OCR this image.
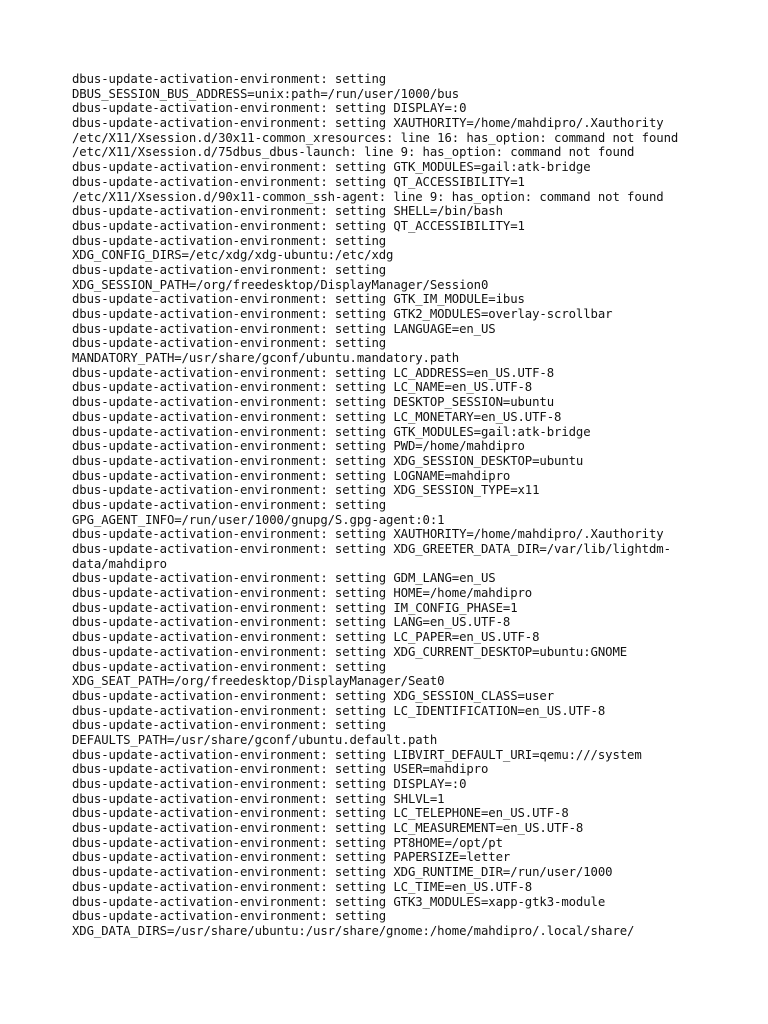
dbus-update-activation-environment: setting
DBUS_SESSION_BUS_ADDRESS=unix:path=/run/user/1000/bus
dbus-update-activation-environment: setting DISPLAY=:0
dbus-update-activation-environment: setting XAUTHORITY=/home/mahdipro/.Xauthority
/etc/X11/Xsession.d/30x11-common_xresources: line 16: has_option: command not found
/etc/X11/Xsession.d/75dbus_dbus-launch: line 9: has_option: command not found
dbus-update-activation-environment: setting GTK_MODULES=gail:atk-bridge
dbus-update-activation-environment: setting QT_ACCESSIBILITY=1
/etc/X11/Xsession.d/90x11-common_ssh-agent: line 9: has_option: command not found
dbus-update-activation-environment: setting SHELL=/bin/bash
dbus-update-activation-environment: setting QT_ACCESSIBILITY=1
dbus-update-activation-environment: setting
XDG_CONFIG_DIRS=/etc/xdg/xdg-ubuntu:/etc/xdg
dbus-update-activation-environment: setting
XDG_SESSION_PATH=/org/freedesktop/DisplayManager/Session0
dbus-update-activation-environment: setting GTK_IM_MODULE=ibus
dbus-update-activation-environment: setting GTK2_MODULES=overlay-scrollbar
dbus-update-activation-environment: setting LANGUAGE=en_US
dbus-update-activation-environment: setting
MANDATORY_PATH=/usr/share/gconf/ubuntu.mandatory.path
dbus-update-activation-environment: setting LC_ADDRESS=en_US.UTF-8
dbus-update-activation-environment: setting LC_NAME=en_US.UTF-8
dbus-update-activation-environment: setting DESKTOP_SESSION=ubuntu
dbus-update-activation-environment: setting LC_MONETARY=en_US.UTF-8
dbus-update-activation-environment: setting GTK_MODULES=gail:atk-bridge
dbus-update-activation-environment: setting PWD=/home/mahdipro
dbus-update-activation-environment: setting XDG_SESSION_DESKTOP=ubuntu
dbus-update-activation-environment: setting LOGNAME=mahdipro
dbus-update-activation-environment: setting XDG_SESSION_TYPE=x11
dbus-update-activation-environment: setting
GPG_AGENT_INFO=/run/user/1000/gnupg/S.gpg-agent:0:1
dbus-update-activation-environment: setting XAUTHORITY=/home/mahdipro/.Xauthority
dbus-update-activation-environment: setting XDG_GREETER_DATA_DIR=/var/lib/lightdm-
data/mahdipro
dbus-update-activation-environment: setting GDM_LANG=en_US
dbus-update-activation-environment: setting HOME=/home/mahdipro
dbus-update-activation-environment: setting IM_CONFIG_PHASE=1
dbus-update-activation-environment: setting LANG=en_US.UTF-8
dbus-update-activation-environment: setting LC_PAPER=en_US.UTF-8
dbus-update-activation-environment: setting XDG_CURRENT_DESKTOP=ubuntu:GNOME
dbus-update-activation-environment: setting
XDG_SEAT_PATH=/org/freedesktop/DisplayManager/Seat0
dbus-update-activation-environment: setting XDG_SESSION_CLASS=user
dbus-update-activation-environment: setting LC_IDENTIFICATION=en_US.UTF-8
dbus-update-activation-environment: setting
DEFAULTS_PATH=/usr/share/gconf/ubuntu.default.path
dbus-update-activation-environment: setting LIBVIRT_DEFAULT_URI=qemu:///system
dbus-update-activation-environment: setting USER=mahdipro
dbus-update-activation-environment: setting DISPLAY=:0
dbus-update-activation-environment: setting SHLVL=1
dbus-update-activation-environment: setting LC_TELEPHONE=en_US.UTF-8
dbus-update-activation-environment: setting LC_MEASUREMENT=en_US.UTF-8
dbus-update-activation-environment: setting PT8HOME=/opt/pt
dbus-update-activation-environment: setting PAPERSIZE=letter
dbus-update-activation-environment: setting XDG_RUNTIME_DIR=/run/user/1000
dbus-update-activation-environment: setting LC_TIME=en_US.UTF-8
dbus-update-activation-environment: setting GTK3_MODULES=xapp-gtk3-module
dbus-update-activation-environment: setting
XDG_DATA_DIRS=/usr/share/ubuntu:/usr/share/gnome:/home/mahdipro/.local/share/
